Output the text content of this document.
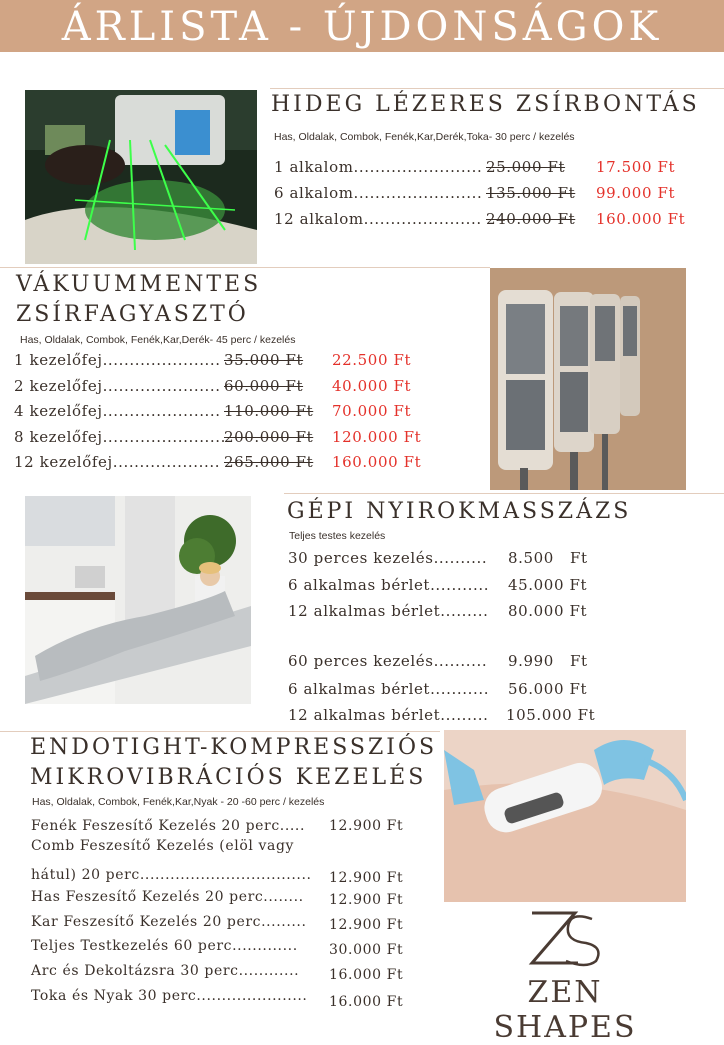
ÁRLISTA - ÚJDONSÁGOK
HIDEG LÉZERES ZSÍRBONTÁS
Has, Oldalak, Combok, Fenék,Kar,Derék,Toka- 30 perc / kezelés
1 alkalom........................ 25.000 Ft 17.500 Ft
6 alkalom........................ 135.000 Ft 99.000 Ft
12 alkalom...................... 240.000 Ft 160.000 Ft
VÁKUUMMENTES
ZSÍRFAGYASZTÓ
Has, Oldalak, Combok, Fenék,Kar,Derék- 45 perc / kezelés
1 kezelőfej...................... 35.000 Ft 22.500 Ft
2 kezelőfej...................... 60.000 Ft 40.000 Ft
4 kezelőfej...................... 110.000 Ft 70.000 Ft
8 kezelőfej.......................
200.000 Ft 120.000 Ft
12 kezelőfej.................... 265.000 Ft 160.000 Ft
GÉPI NYIROKMASSZÁZS
Teljes testes kezelés
30 perces kezelés.......... 8.500   Ft
6 alkalmas bérlet........... 45.000 Ft
12 alkalmas bérlet......... 80.000 Ft
60 perces kezelés.......... 9.990   Ft
6 alkalmas bérlet........... 56.000 Ft
12 alkalmas bérlet......... 105.000 Ft
ENDOTIGHT-KOMPRESSZIÓS
MIKROVIBRÁCIÓS KEZELÉS
Has, Oldalak, Combok, Fenék,Kar,Nyak - 20 -60 perc / kezelés
Fenék Feszesítő Kezelés 20 perc..... 12.900 Ft
Comb Feszesítő Kezelés (elöl vagy
hátul) 20 perc.................................. 12.900 Ft
Has Feszesítő Kezelés 20 perc........ 12.900 Ft
Kar Feszesítő Kezelés 20 perc......... 12.900 Ft
Teljes Testkezelés 60 perc............. 30.000 Ft
Arc és Dekoltázsra 30 perc............ 16.000 Ft
Toka és Nyak 30 perc...................... 16.000 Ft	ZEN SHAPES
